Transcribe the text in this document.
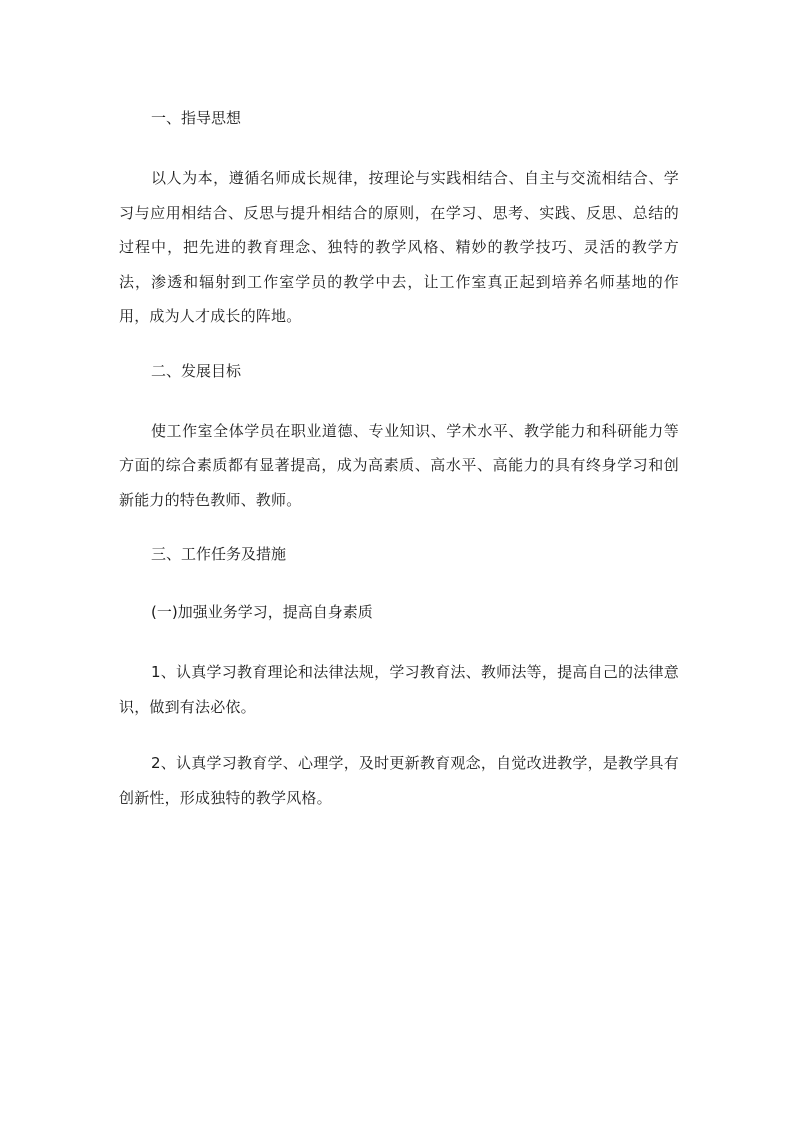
一、指导思想

以人为本，遵循名师成长规律，按理论与实践相结合、自主与交流相结合、学习与应用相结合、反思与提升相结合的原则，在学习、思考、实践、反思、总结的过程中，把先进的教育理念、独特的教学风格、精妙的教学技巧、灵活的教学方法，渗透和辐射到工作室学员的教学中去，让工作室真正起到培养名师基地的作用，成为人才成长的阵地。

二、发展目标

使工作室全体学员在职业道德、专业知识、学术水平、教学能力和科研能力等方面的综合素质都有显著提高，成为高素质、高水平、高能力的具有终身学习和创新能力的特色教师、教师。

三、工作任务及措施

(一)加强业务学习，提高自身素质

1、认真学习教育理论和法律法规，学习教育法、教师法等，提高自己的法律意识，做到有法必依。

2、认真学习教育学、心理学，及时更新教育观念，自觉改进教学，是教学具有创新性，形成独特的教学风格。
